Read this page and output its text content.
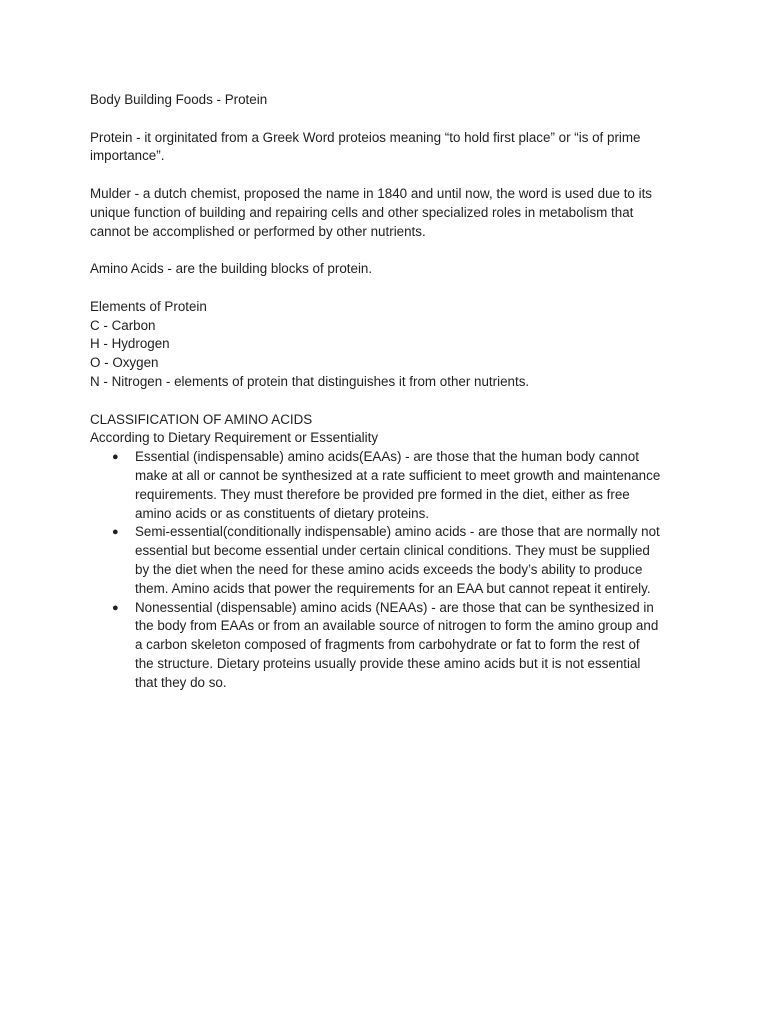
Body Building Foods - Protein

Protein - it orginitated from a Greek Word proteios meaning “to hold first place” or “is of prime
importance”.

Mulder - a dutch chemist, proposed the name in 1840 and until now, the word is used due to its
unique function of building and repairing cells and other specialized roles in metabolism that
cannot be accomplished or performed by other nutrients.

Amino Acids - are the building blocks of protein.

Elements of Protein
C - Carbon
H - Hydrogen
O - Oxygen
N - Nitrogen - elements of protein that distinguishes it from other nutrients.

CLASSIFICATION OF AMINO ACIDS
According to Dietary Requirement or Essentiality
● Essential (indispensable) amino acids(EAAs) - are those that the human body cannot
make at all or cannot be synthesized at a rate sufficient to meet growth and maintenance
requirements. They must therefore be provided pre formed in the diet, either as free
amino acids or as constituents of dietary proteins.
● Semi-essential(conditionally indispensable) amino acids - are those that are normally not
essential but become essential under certain clinical conditions. They must be supplied
by the diet when the need for these amino acids exceeds the body’s ability to produce
them. Amino acids that power the requirements for an EAA but cannot repeat it entirely.
● Nonessential (dispensable) amino acids (NEAAs) - are those that can be synthesized in
the body from EAAs or from an available source of nitrogen to form the amino group and
a carbon skeleton composed of fragments from carbohydrate or fat to form the rest of
the structure. Dietary proteins usually provide these amino acids but it is not essential
that they do so.
